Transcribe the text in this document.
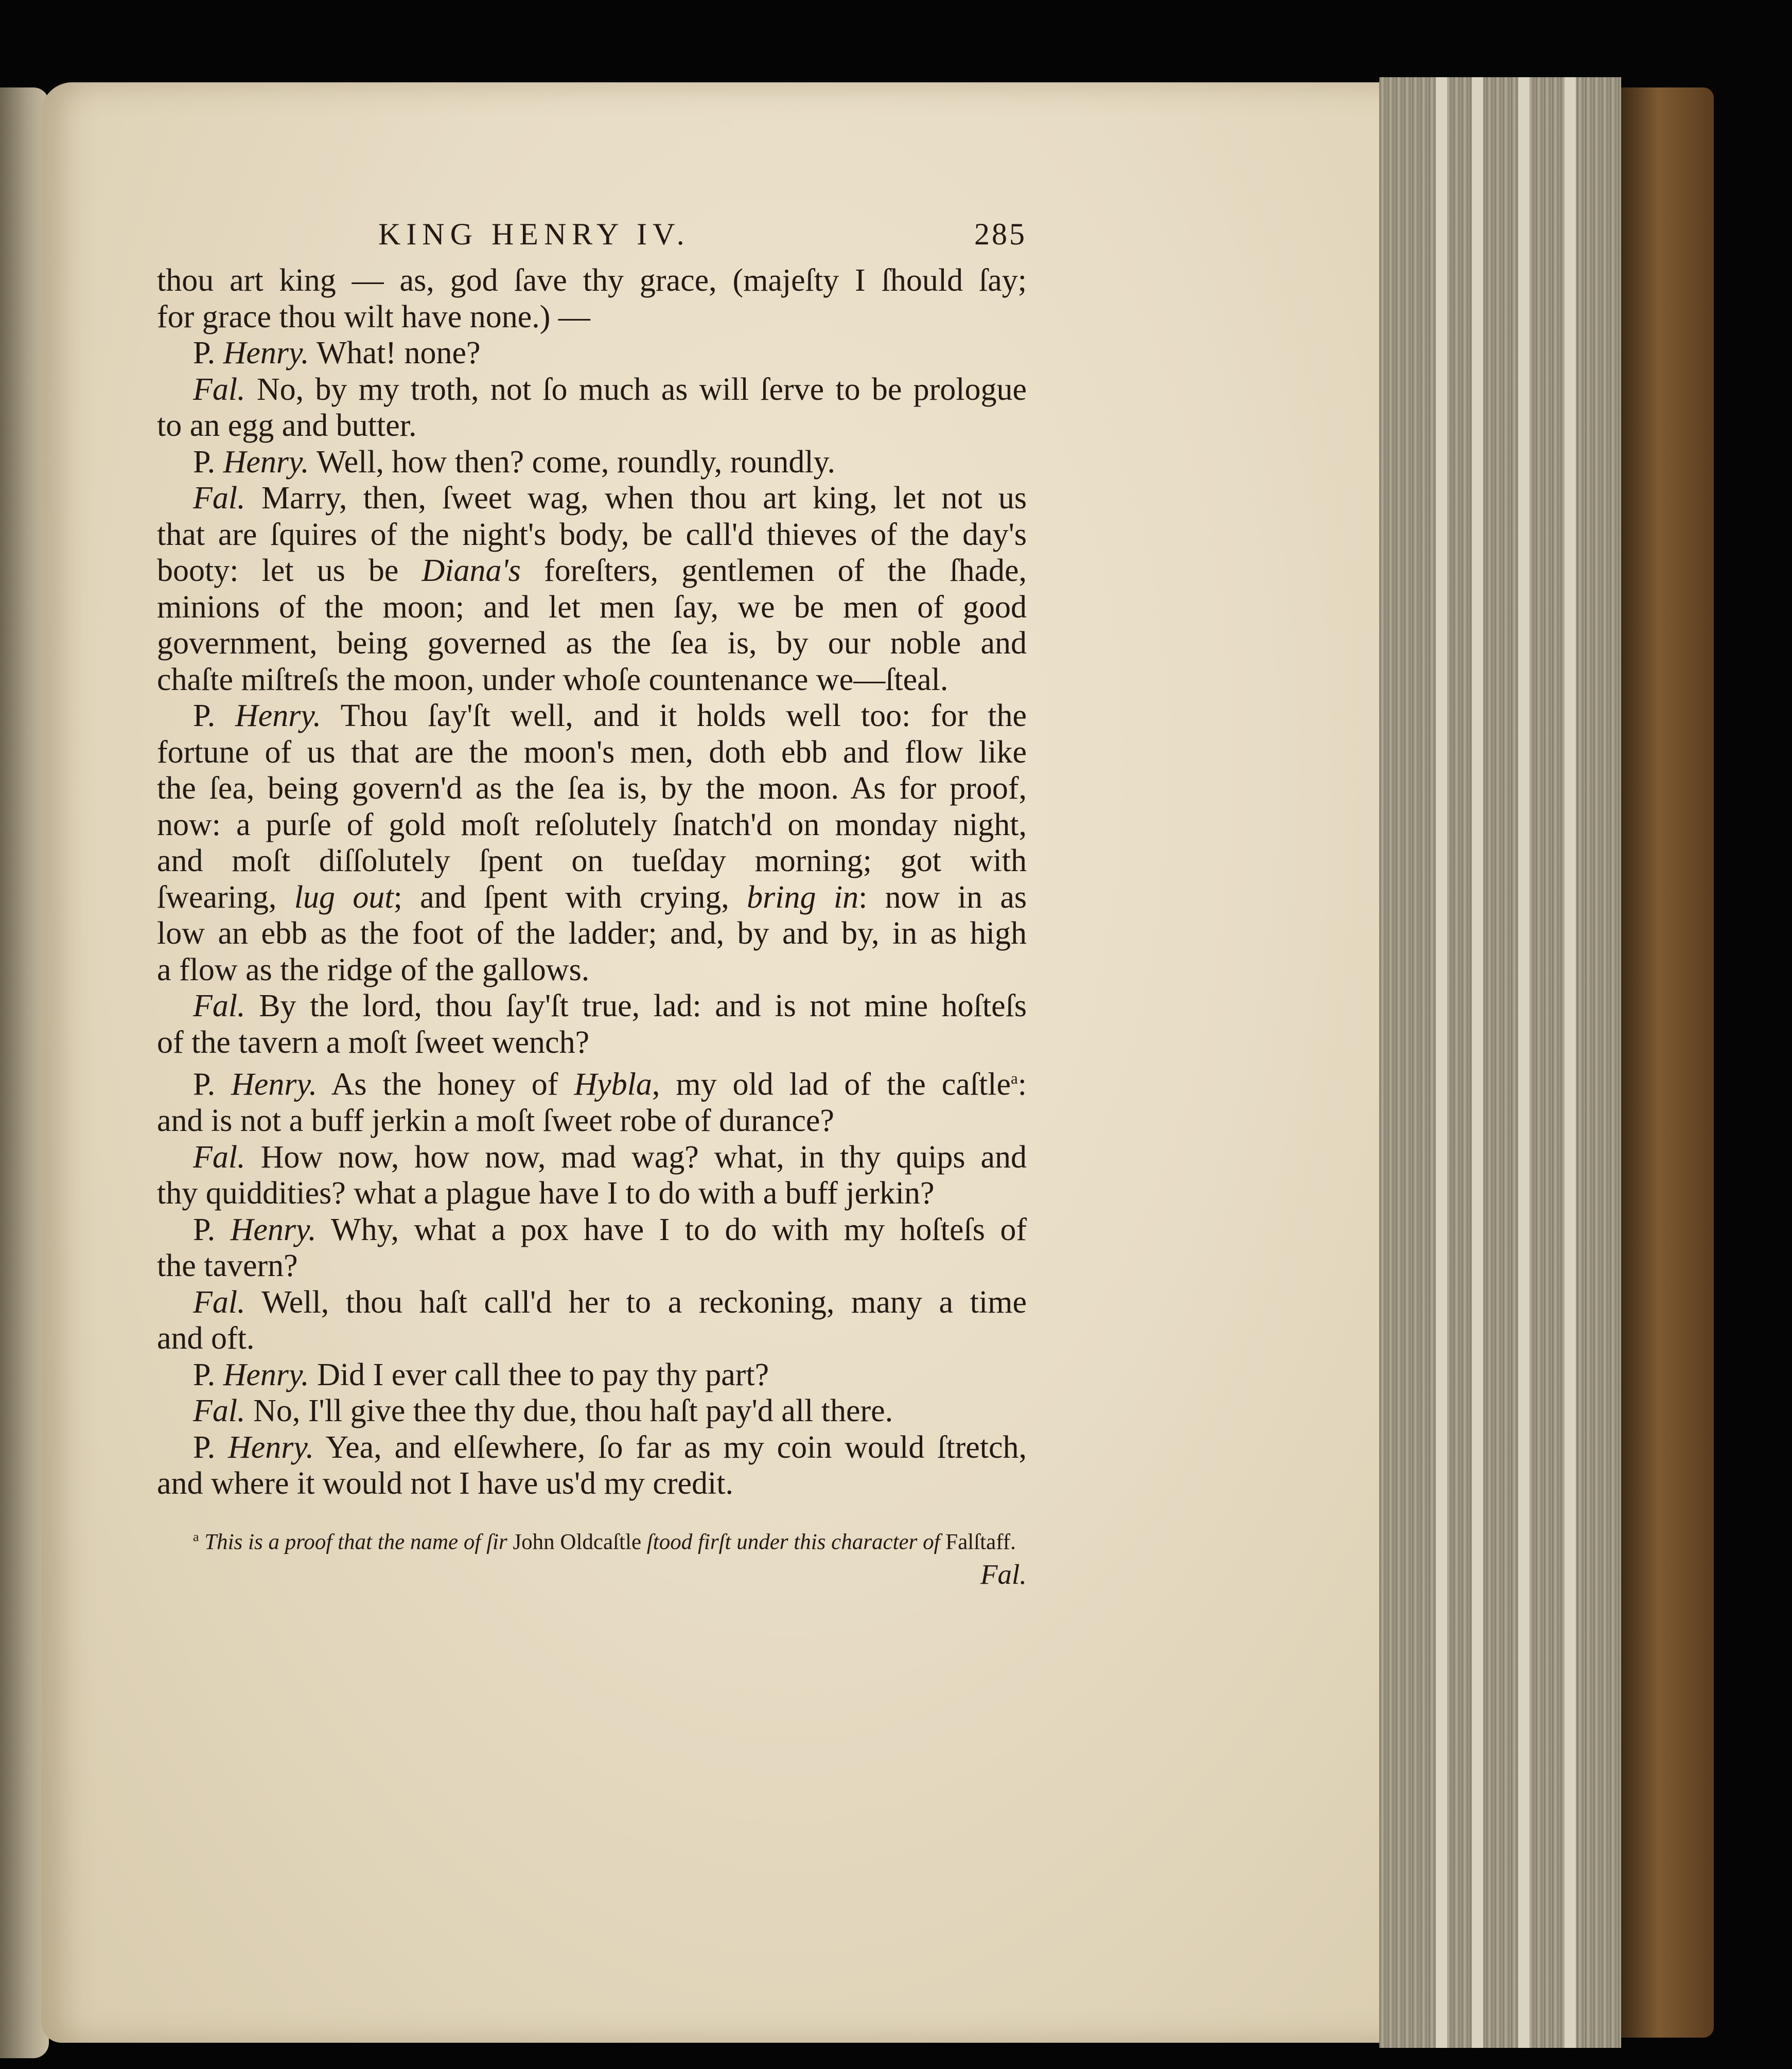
KING HENRY IV.	285
thou art king — as, god ſave thy grace, (majeſty I ſhould ſay;
for grace thou wilt have none.) —
P. Henry. What! none?
Fal. No, by my troth, not ſo much as will ſerve to be prologue
to an egg and butter.
P. Henry. Well, how then? come, roundly, roundly.
Fal. Marry, then, ſweet wag, when thou art king, let not us
that are ſquires of the night's body, be call'd thieves of the day's
booty: let us be Diana's foreſters, gentlemen of the ſhade,
minions of the moon; and let men ſay, we be men of good
government, being governed as the ſea is, by our noble and
chaſte miſtreſs the moon, under whoſe countenance we—ſteal.
P. Henry. Thou ſay'ſt well, and it holds well too: for the
fortune of us that are the moon's men, doth ebb and flow like
the ſea, being govern'd as the ſea is, by the moon. As for proof,
now: a purſe of gold moſt reſolutely ſnatch'd on monday night,
and moſt diſſolutely ſpent on tueſday morning; got with
ſwearing, lug out; and ſpent with crying, bring in: now in as
low an ebb as the foot of the ladder; and, by and by, in as high
a flow as the ridge of the gallows.
Fal. By the lord, thou ſay'ſt true, lad: and is not mine hoſteſs
of the tavern a moſt ſweet wench?
P. Henry. As the honey of Hybla, my old lad of the caſtle$^a$:
and is not a buff jerkin a moſt ſweet robe of durance?
Fal. How now, how now, mad wag? what, in thy quips and
thy quiddities? what a plague have I to do with a buff jerkin?
P. Henry. Why, what a pox have I to do with my hoſteſs of
the tavern?
Fal. Well, thou haſt call'd her to a reckoning, many a time
and oft.
P. Henry. Did I ever call thee to pay thy part?
Fal. No, I'll give thee thy due, thou haſt pay'd all there.
P. Henry. Yea, and elſewhere, ſo far as my coin would ſtretch,
and where it would not I have us'd my credit.
$^a$ This is a proof that the name of ſir John Oldcaſtle ſtood firſt under this character of Falſtaff.
Fal.
